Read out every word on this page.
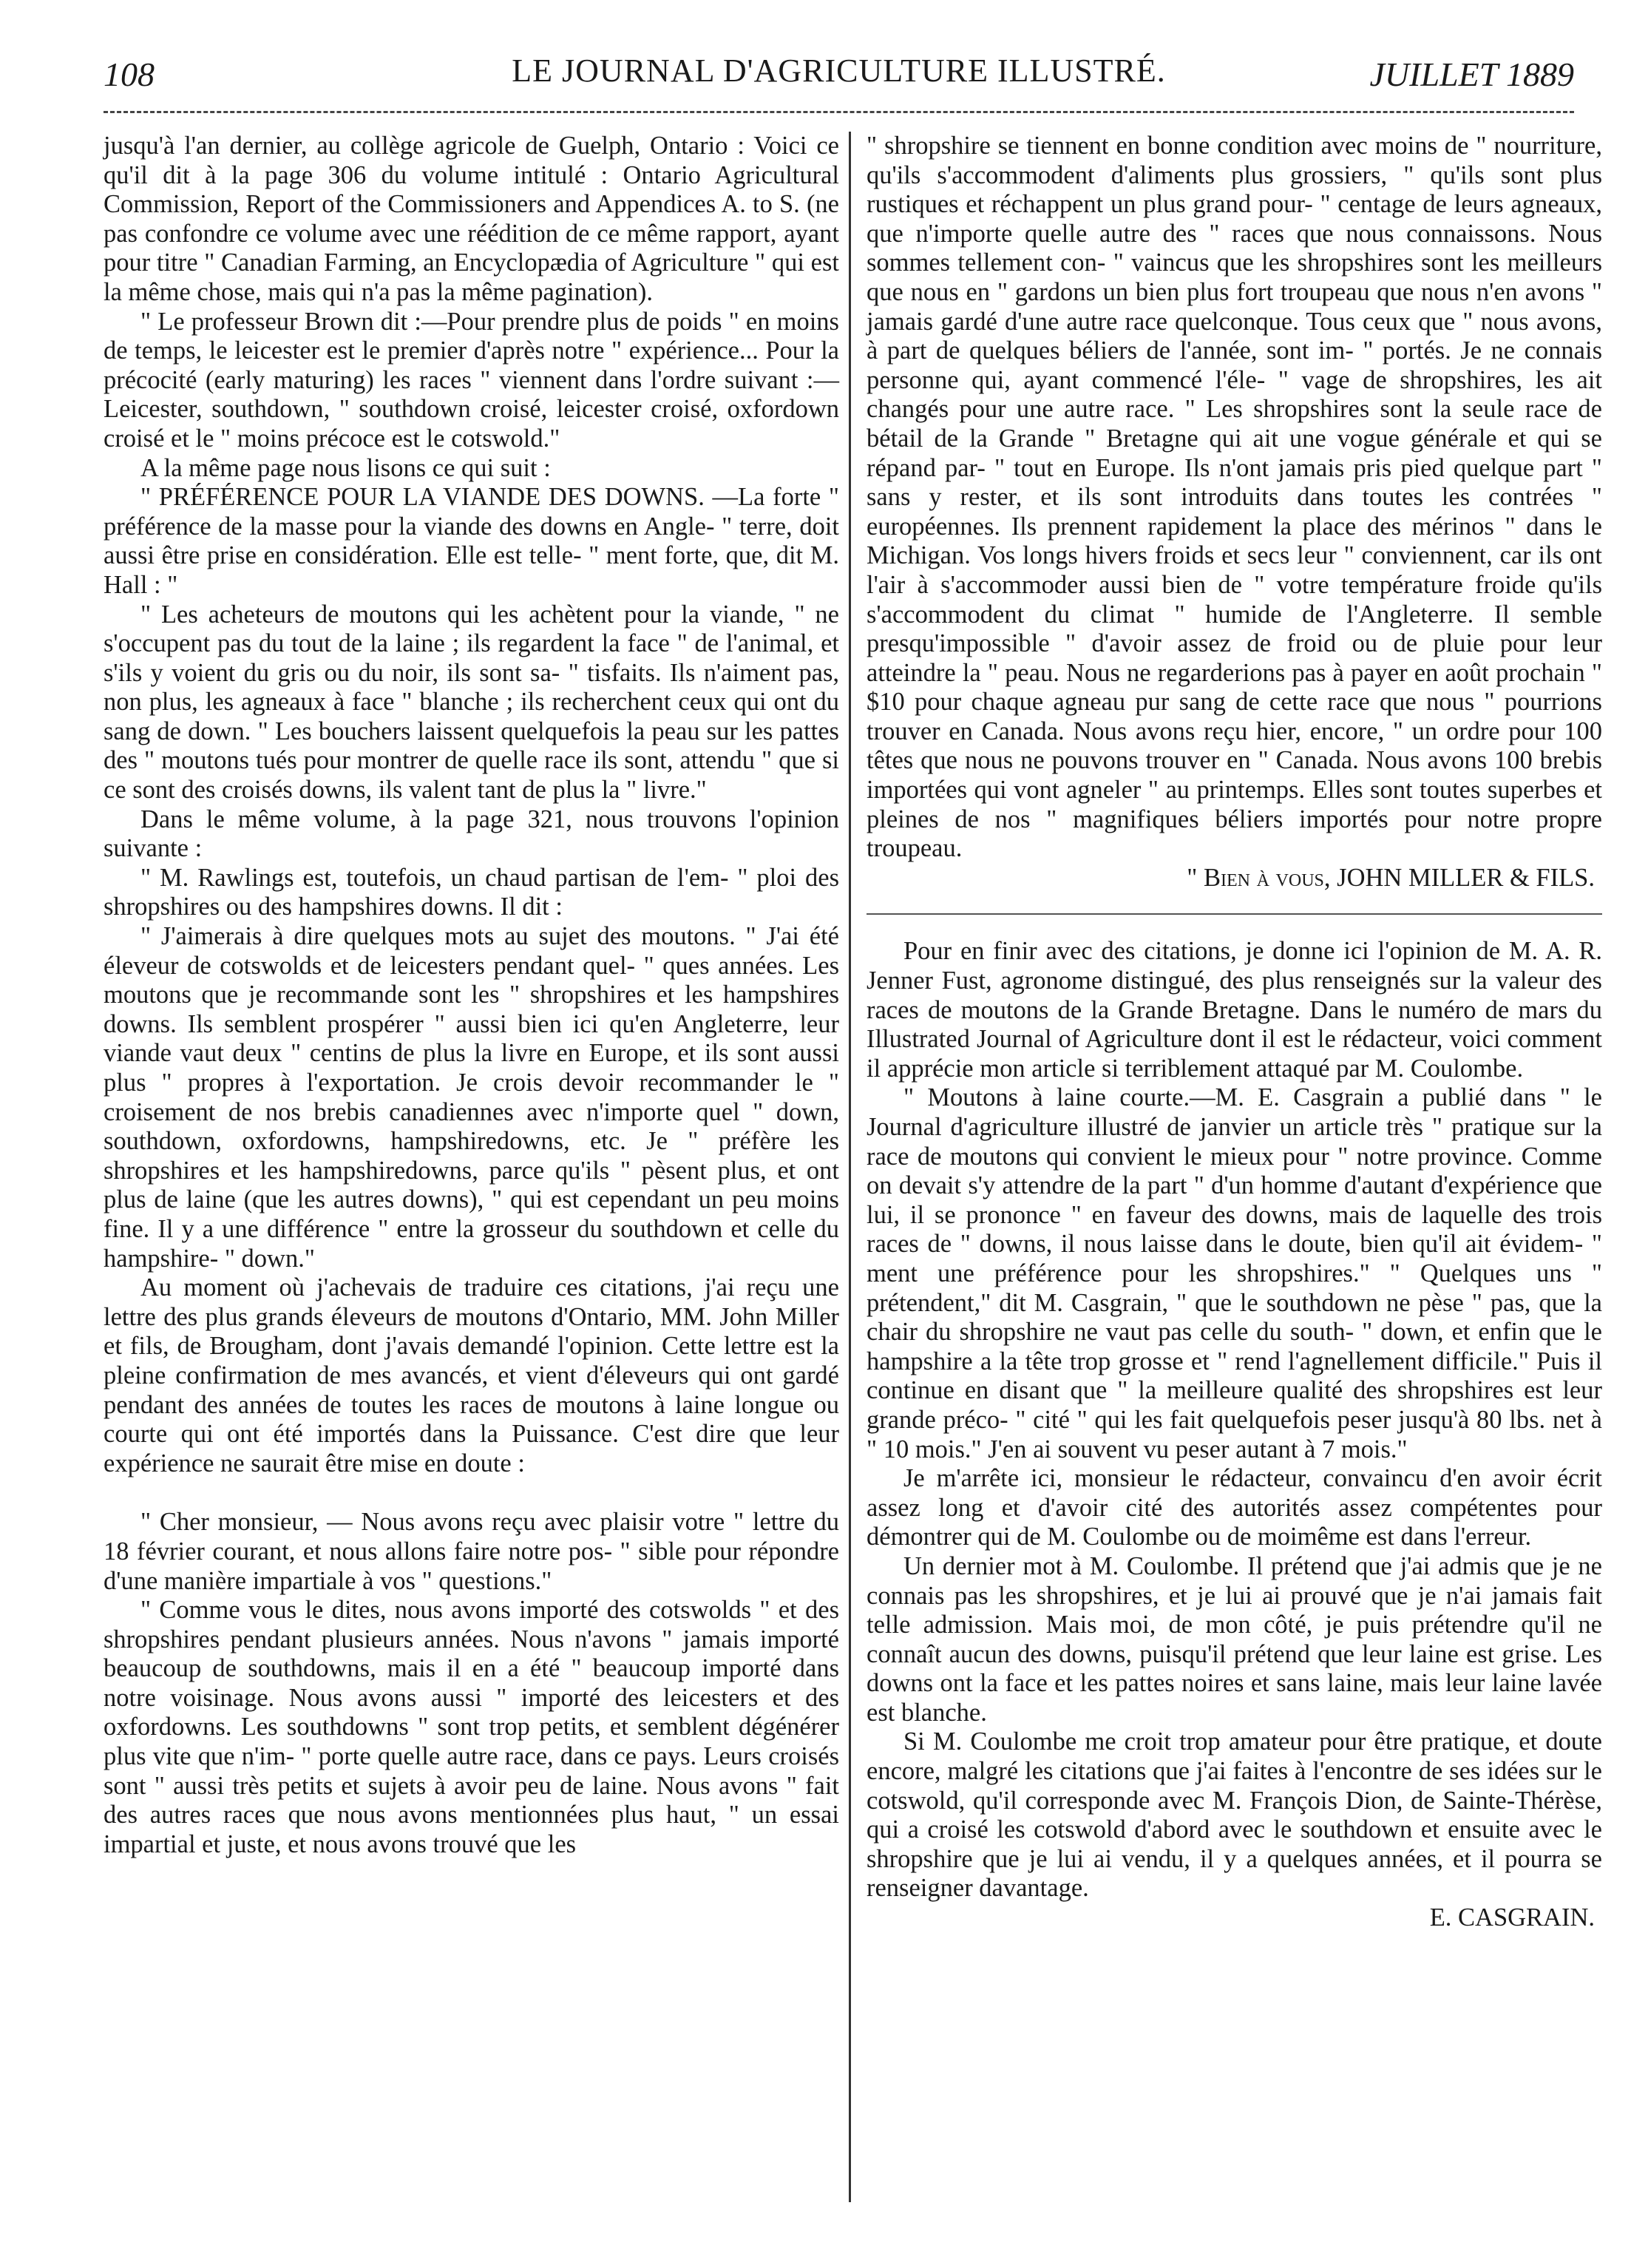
108	LE JOURNAL D'AGRICULTURE ILLUSTRÉ.	JUILLET 1889

jusqu'à l'an dernier, au collège agricole de Guelph, Ontario : Voici ce qu'il dit à la page 306 du volume intitulé : Ontario Agricultural Commission, Report of the Commissioners and Appendices A. to S. (ne pas confondre ce volume avec une réédition de ce même rapport, ayant pour titre " Canadian Farming, an Encyclopædia of Agriculture " qui est la même chose, mais qui n'a pas la même pagination).

" Le professeur Brown dit :—Pour prendre plus de poids " en moins de temps, le leicester est le premier d'après notre " expérience... Pour la précocité (early maturing) les races " viennent dans l'ordre suivant :—Leicester, southdown, " southdown croisé, leicester croisé, oxfordown croisé et le " moins précoce est le cotswold."

A la même page nous lisons ce qui suit :

" PRÉFÉRENCE POUR LA VIANDE DES DOWNS. —La forte " préférence de la masse pour la viande des downs en Angle- " terre, doit aussi être prise en considération. Elle est telle- " ment forte, que, dit M. Hall : "

" Les acheteurs de moutons qui les achètent pour la viande, " ne s'occupent pas du tout de la laine ; ils regardent la face " de l'animal, et s'ils y voient du gris ou du noir, ils sont sa- " tisfaits. Ils n'aiment pas, non plus, les agneaux à face " blanche ; ils recherchent ceux qui ont du sang de down. " Les bouchers laissent quelquefois la peau sur les pattes des " moutons tués pour montrer de quelle race ils sont, attendu " que si ce sont des croisés downs, ils valent tant de plus la " livre."

Dans le même volume, à la page 321, nous trouvons l'opinion suivante :

" M. Rawlings est, toutefois, un chaud partisan de l'em- " ploi des shropshires ou des hampshires downs. Il dit :

" J'aimerais à dire quelques mots au sujet des moutons. " J'ai été éleveur de cotswolds et de leicesters pendant quel- " ques années. Les moutons que je recommande sont les " shropshires et les hampshires downs. Ils semblent prospérer " aussi bien ici qu'en Angleterre, leur viande vaut deux " centins de plus la livre en Europe, et ils sont aussi plus " propres à l'exportation. Je crois devoir recommander le " croisement de nos brebis canadiennes avec n'importe quel " down, southdown, oxfordowns, hampshiredowns, etc. Je " préfère les shropshires et les hampshiredowns, parce qu'ils " pèsent plus, et ont plus de laine (que les autres downs), " qui est cependant un peu moins fine. Il y a une différence " entre la grosseur du southdown et celle du hampshire- " down."

Au moment où j'achevais de traduire ces citations, j'ai reçu une lettre des plus grands éleveurs de moutons d'Ontario, MM. John Miller et fils, de Brougham, dont j'avais demandé l'opinion. Cette lettre est la pleine confirmation de mes avancés, et vient d'éleveurs qui ont gardé pendant des années de toutes les races de moutons à laine longue ou courte qui ont été importés dans la Puissance. C'est dire que leur expérience ne saurait être mise en doute :

" Cher monsieur, — Nous avons reçu avec plaisir votre " lettre du 18 février courant, et nous allons faire notre pos- " sible pour répondre d'une manière impartiale à vos " questions."

" Comme vous le dites, nous avons importé des cotswolds " et des shropshires pendant plusieurs années. Nous n'avons " jamais importé beaucoup de southdowns, mais il en a été " beaucoup importé dans notre voisinage. Nous avons aussi " importé des leicesters et des oxfordowns. Les southdowns " sont trop petits, et semblent dégénérer plus vite que n'im- " porte quelle autre race, dans ce pays. Leurs croisés sont " aussi très petits et sujets à avoir peu de laine. Nous avons " fait des autres races que nous avons mentionnées plus haut, " un essai impartial et juste, et nous avons trouvé que les

" shropshire se tiennent en bonne condition avec moins de " nourriture, qu'ils s'accommodent d'aliments plus grossiers, " qu'ils sont plus rustiques et réchappent un plus grand pour- " centage de leurs agneaux, que n'importe quelle autre des " races que nous connaissons. Nous sommes tellement con- " vaincus que les shropshires sont les meilleurs que nous en " gardons un bien plus fort troupeau que nous n'en avons " jamais gardé d'une autre race quelconque. Tous ceux que " nous avons, à part de quelques béliers de l'année, sont im- " portés. Je ne connais personne qui, ayant commencé l'éle- " vage de shropshires, les ait changés pour une autre race. " Les shropshires sont la seule race de bétail de la Grande " Bretagne qui ait une vogue générale et qui se répand par- " tout en Europe. Ils n'ont jamais pris pied quelque part " sans y rester, et ils sont introduits dans toutes les contrées " européennes. Ils prennent rapidement la place des mérinos " dans le Michigan. Vos longs hivers froids et secs leur " conviennent, car ils ont l'air à s'accommoder aussi bien de " votre température froide qu'ils s'accommodent du climat " humide de l'Angleterre. Il semble presqu'impossible " d'avoir assez de froid ou de pluie pour leur atteindre la " peau. Nous ne regarderions pas à payer en août prochain " $10 pour chaque agneau pur sang de cette race que nous " pourrions trouver en Canada. Nous avons reçu hier, encore, " un ordre pour 100 têtes que nous ne pouvons trouver en " Canada. Nous avons 100 brebis importées qui vont agneler " au printemps. Elles sont toutes superbes et pleines de nos " magnifiques béliers importés pour notre propre troupeau.

" Bien à vous, JOHN MILLER & FILS.

Pour en finir avec des citations, je donne ici l'opinion de M. A. R. Jenner Fust, agronome distingué, des plus renseignés sur la valeur des races de moutons de la Grande Bretagne. Dans le numéro de mars du Illustrated Journal of Agriculture dont il est le rédacteur, voici comment il apprécie mon article si terriblement attaqué par M. Coulombe.

" Moutons à laine courte.—M. E. Casgrain a publié dans " le Journal d'agriculture illustré de janvier un article très " pratique sur la race de moutons qui convient le mieux pour " notre province. Comme on devait s'y attendre de la part " d'un homme d'autant d'expérience que lui, il se prononce " en faveur des downs, mais de laquelle des trois races de " downs, il nous laisse dans le doute, bien qu'il ait évidem- " ment une préférence pour les shropshires." " Quelques uns " prétendent," dit M. Casgrain, " que le southdown ne pèse " pas, que la chair du shropshire ne vaut pas celle du south- " down, et enfin que le hampshire a la tête trop grosse et " rend l'agnellement difficile." Puis il continue en disant que " la meilleure qualité des shropshires est leur grande préco- " cité " qui les fait quelquefois peser jusqu'à 80 lbs. net à " 10 mois." J'en ai souvent vu peser autant à 7 mois."

Je m'arrête ici, monsieur le rédacteur, convaincu d'en avoir écrit assez long et d'avoir cité des autorités assez compétentes pour démontrer qui de M. Coulombe ou de moimême est dans l'erreur.

Un dernier mot à M. Coulombe. Il prétend que j'ai admis que je ne connais pas les shropshires, et je lui ai prouvé que je n'ai jamais fait telle admission. Mais moi, de mon côté, je puis prétendre qu'il ne connaît aucun des downs, puisqu'il prétend que leur laine est grise. Les downs ont la face et les pattes noires et sans laine, mais leur laine lavée est blanche.

Si M. Coulombe me croit trop amateur pour être pratique, et doute encore, malgré les citations que j'ai faites à l'encontre de ses idées sur le cotswold, qu'il corresponde avec M. François Dion, de Sainte-Thérèse, qui a croisé les cotswold d'abord avec le southdown et ensuite avec le shropshire que je lui ai vendu, il y a quelques années, et il pourra se renseigner davantage.

E. CASGRAIN.
